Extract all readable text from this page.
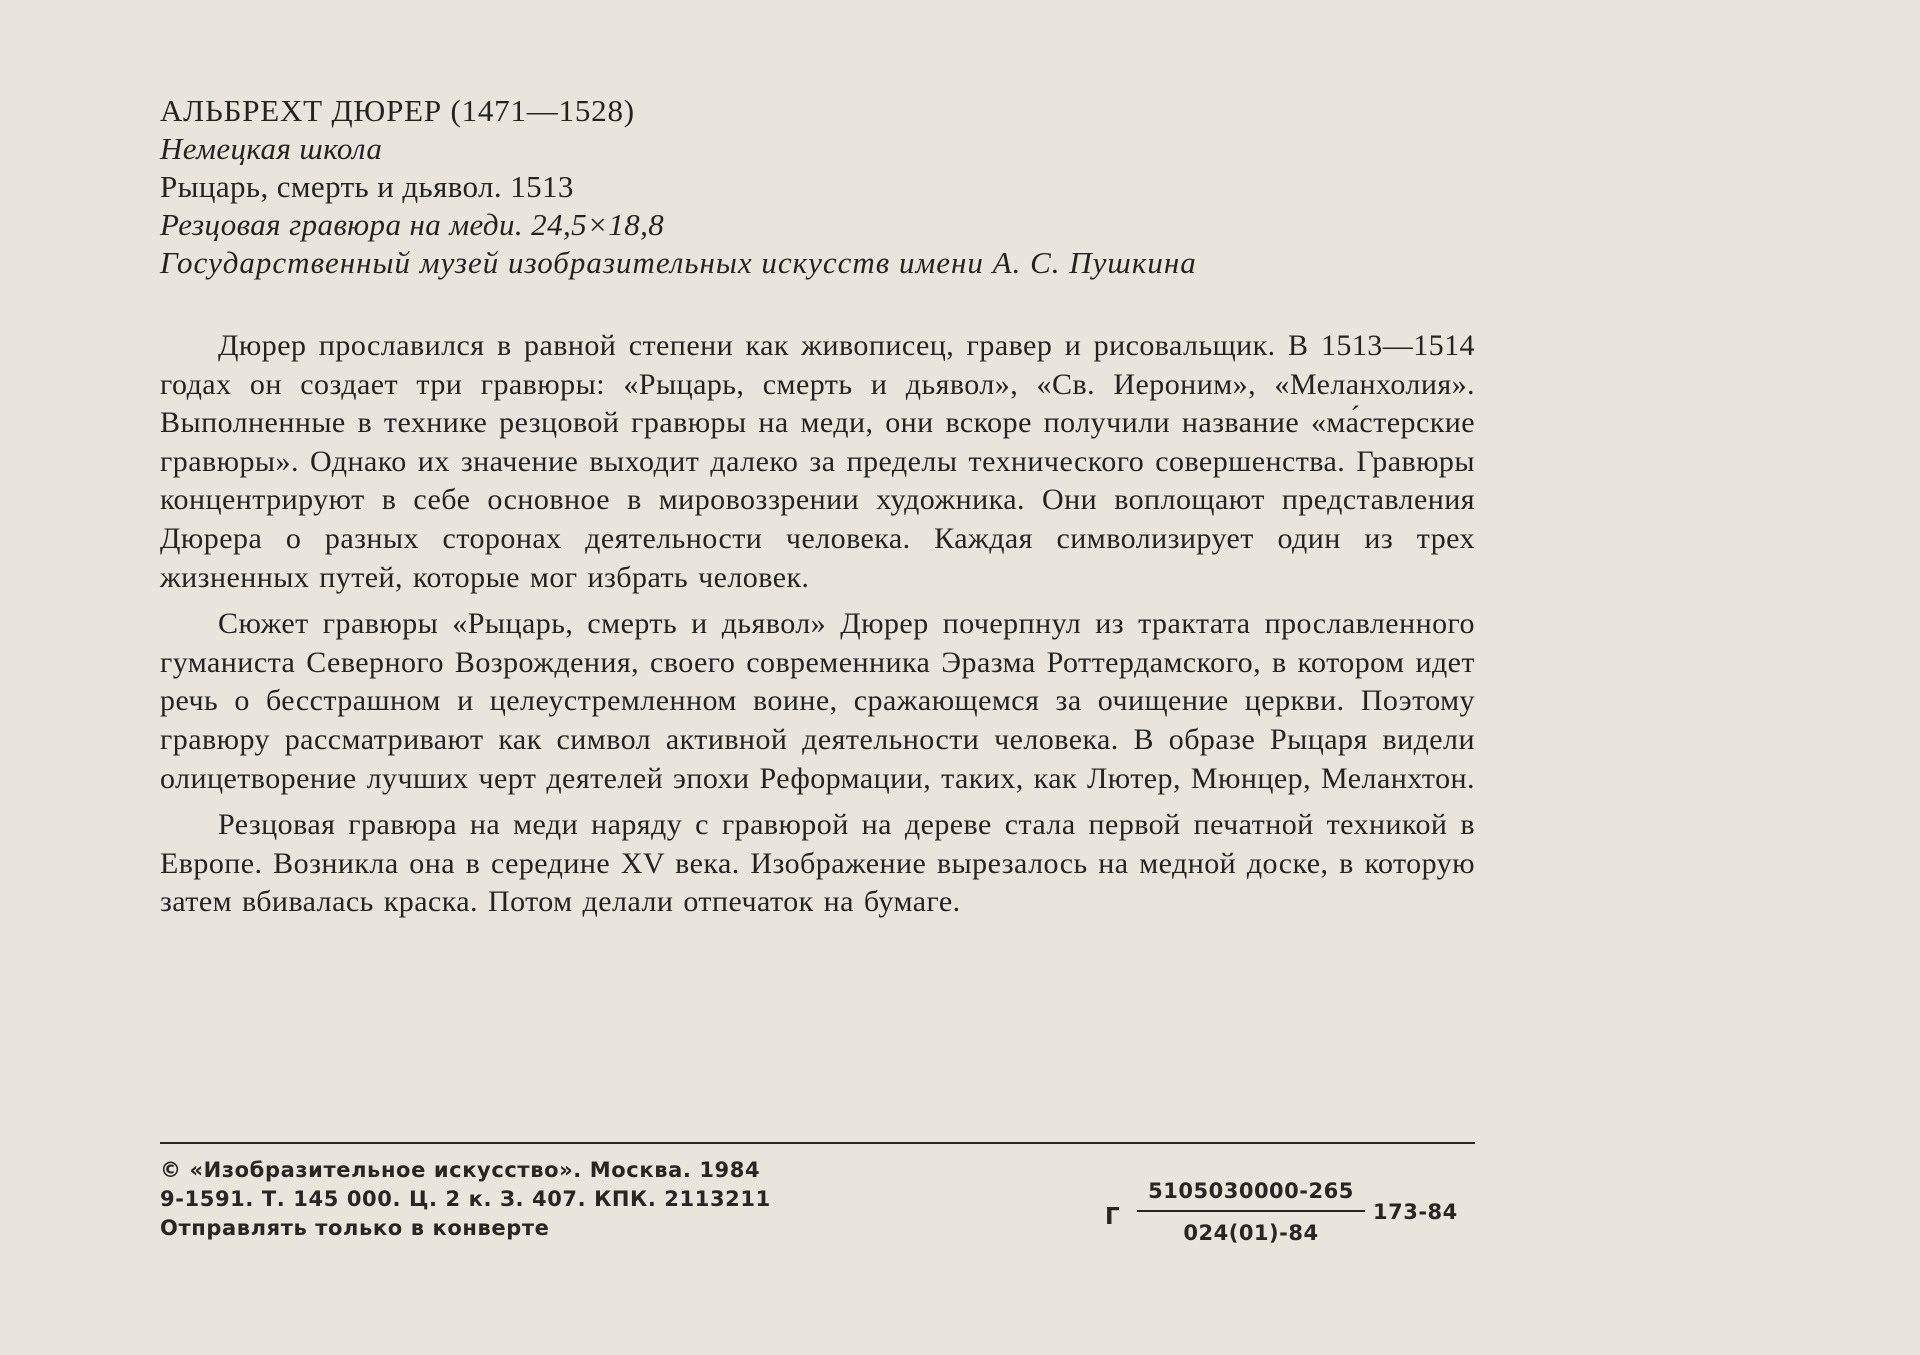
АЛЬБРЕХТ ДЮРЕР (1471—1528)

Немецкая школа

Рыцарь, смерть и дьявол. 1513

Резцовая гравюра на меди. 24,5×18,8

Государственный музей изобразительных искусств имени А. С. Пушкина

Дюрер прославился в равной степени как живописец, гравер и рисовальщик. В 1513—1514 годах он создает три гравюры: «Рыцарь, смерть и дьявол», «Св. Иероним», «Меланхолия». Выполненные в технике резцовой гравюры на меди, они вскоре получили название «ма́стерские гравюры». Однако их значение выходит далеко за пределы технического совершенства. Гравюры концентрируют в себе основное в мировоззрении художника. Они воплощают представления Дюрера о разных сторонах деятельности человека. Каждая символизирует один из трех жизненных путей, которые мог избрать человек.

Сюжет гравюры «Рыцарь, смерть и дьявол» Дюрер почерпнул из трактата прославленного гуманиста Северного Возрождения, своего современника Эразма Роттердамского, в котором идет речь о бесстрашном и целеустремленном воине, сражающемся за очищение церкви. Поэтому гравюру рассматривают как символ активной деятельности человека. В образе Рыцаря видели олицетворение лучших черт деятелей эпохи Реформации, таких, как Лютер, Мюнцер, Меланхтон.

Резцовая гравюра на меди наряду с гравюрой на дереве стала первой печатной техникой в Европе. Возникла она в середине XV века. Изображение вырезалось на медной доске, в которую затем вбивалась краска. Потом делали отпечаток на бумаге.

© «Изобразительное искусство». Москва. 1984
9-1591. Т. 145 000. Ц. 2 к. З. 407. КПК. 2113211
Отправлять только в конверте	Г
5105030000-265
024(01)-84
173-84
